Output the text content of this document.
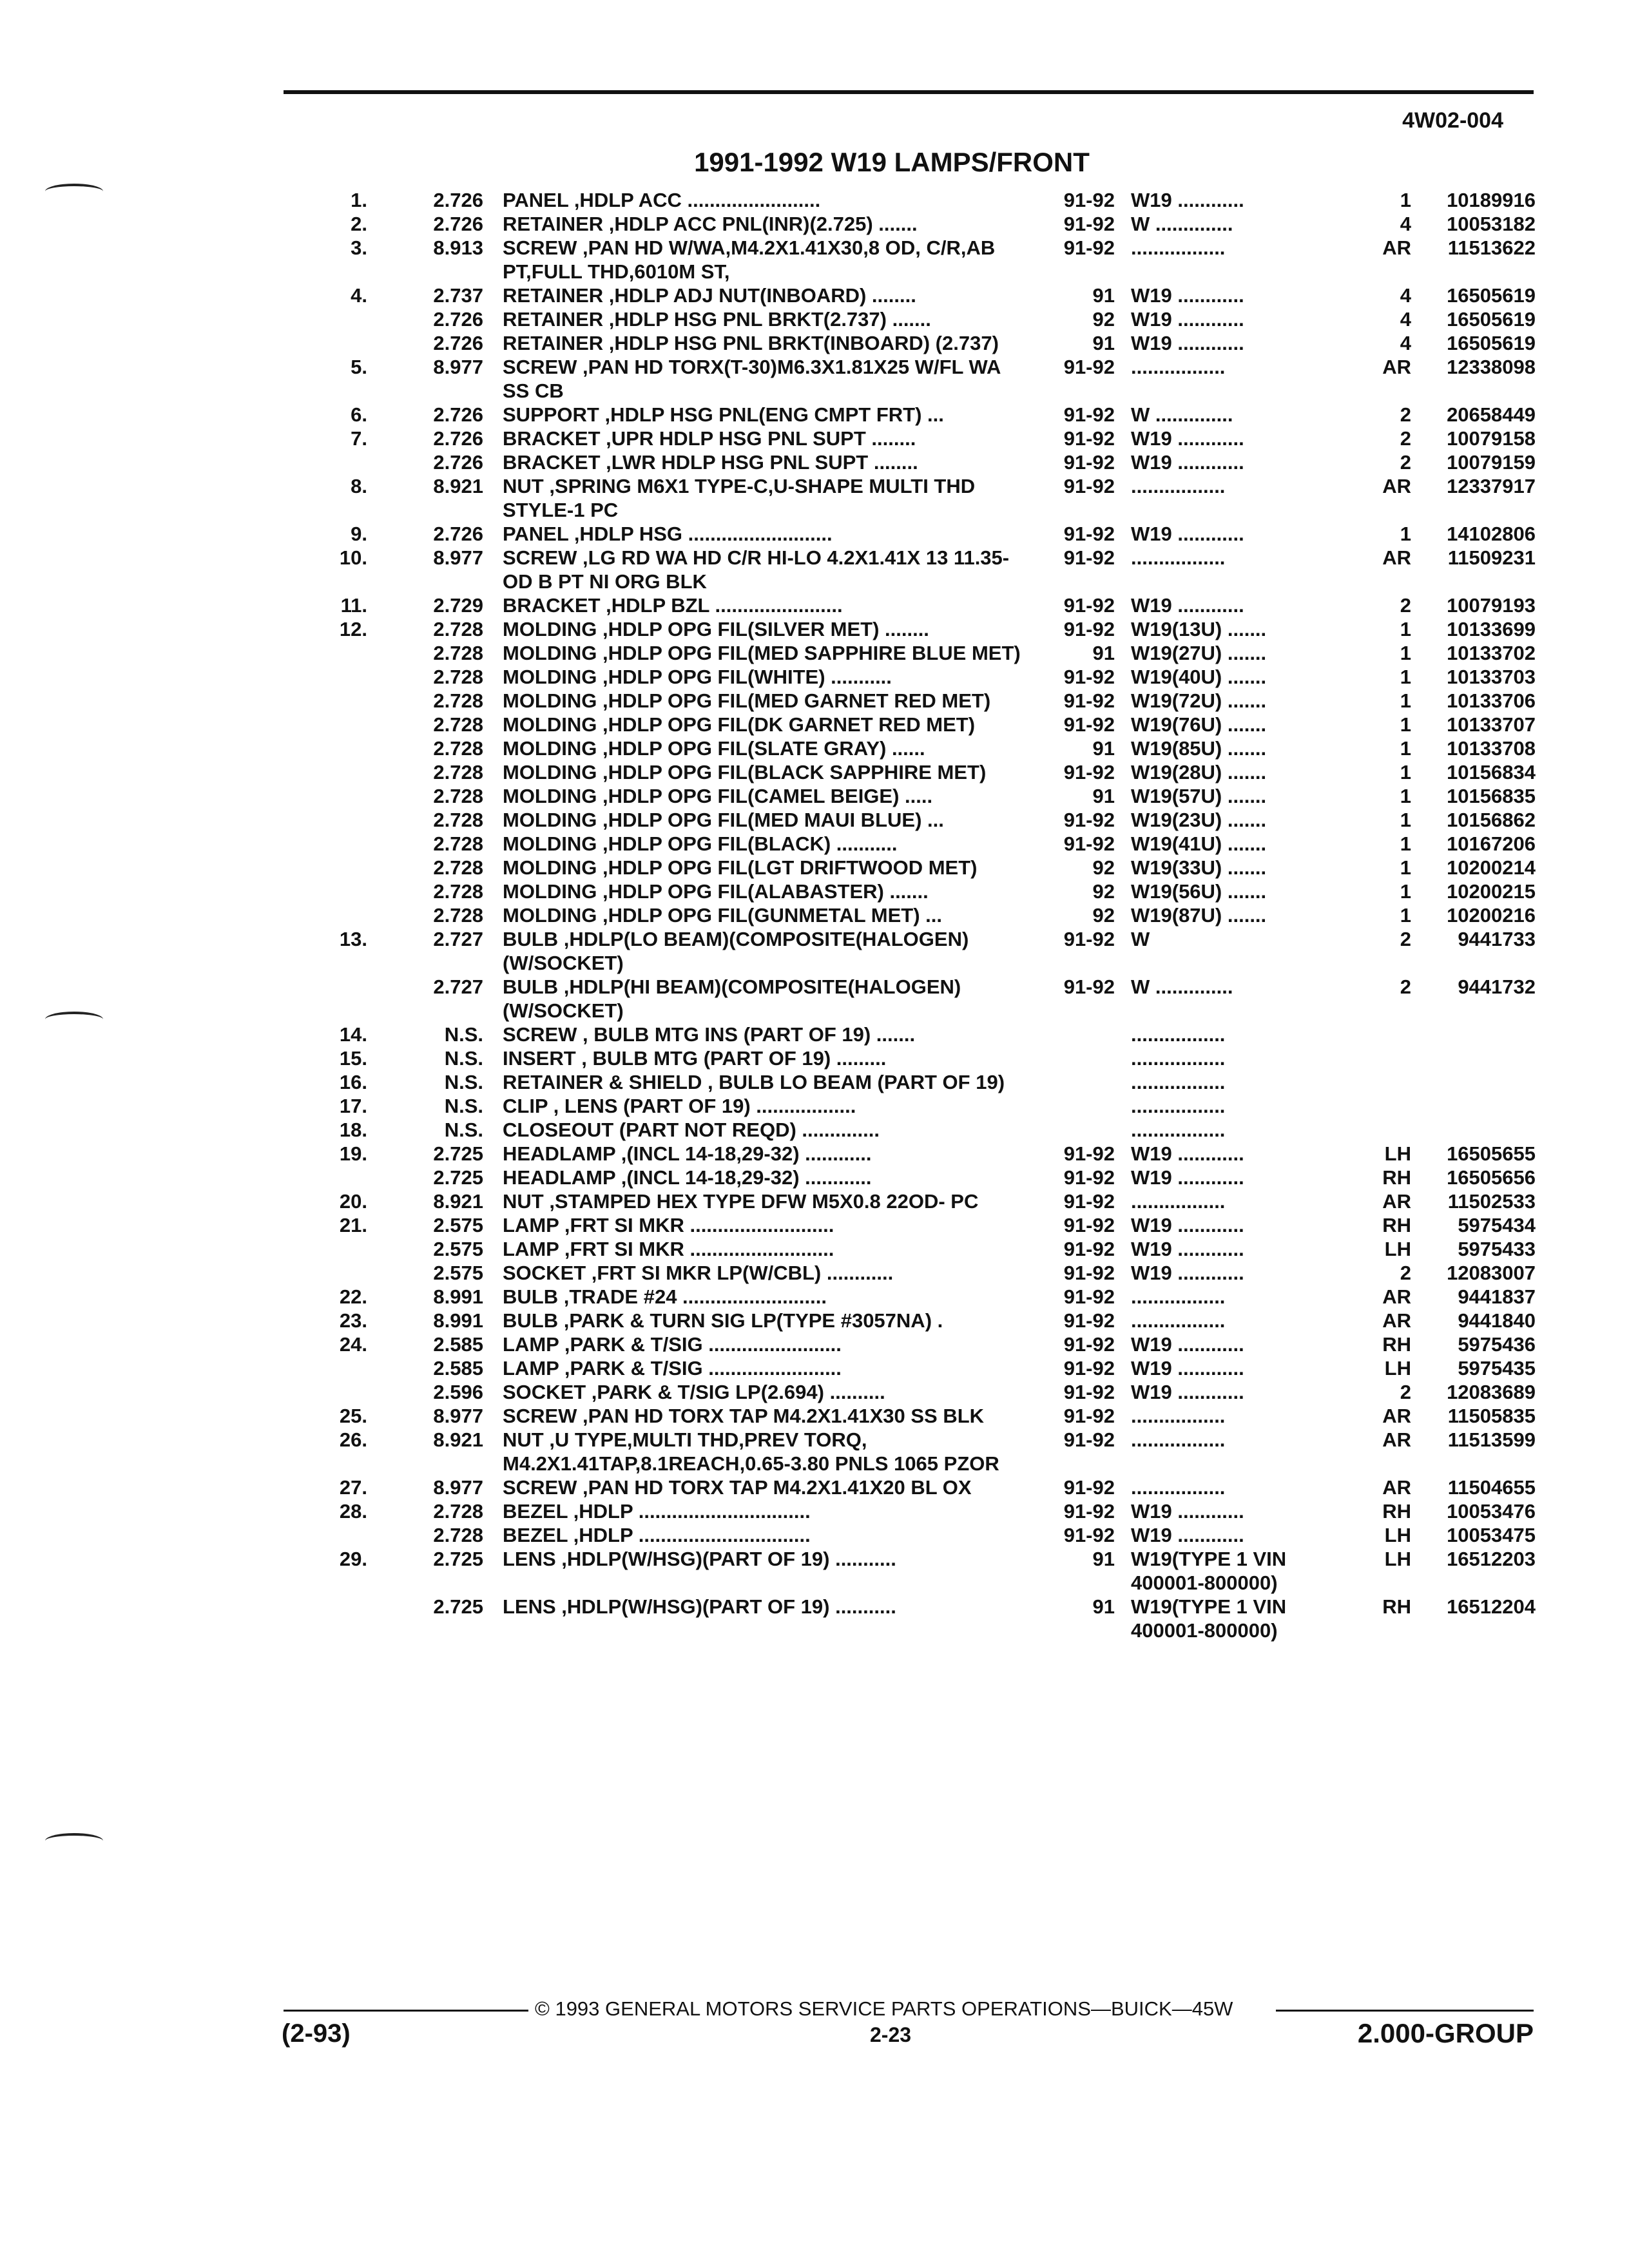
4W02-004
1991-1992 W19 LAMPS/FRONT
1.	2.726 PANEL ,HDLP ACC ........................	91-92 W19 ............	1	10189916
2.	2.726 RETAINER ,HDLP ACC PNL(INR)(2.725) .......	91-92 W ..............	4	10053182
3.	8.913 SCREW ,PAN HD W/WA,M4.2X1.41X30,8 OD, C/R,AB PT,FULL THD,6010M ST,
91-92 .................	AR	11513622
4.	2.737 RETAINER ,HDLP ADJ NUT(INBOARD) ........	91 W19 ............	4	16505619
2.726 RETAINER ,HDLP HSG PNL BRKT(2.737) .......	92 W19 ............	4	16505619
2.726 RETAINER ,HDLP HSG PNL BRKT(INBOARD) (2.737)	91 W19 ............	4	16505619
5.	8.977 SCREW ,PAN HD TORX(T-30)M6.3X1.81X25 W/FL WA SS CB
91-92 .................	AR	12338098
6.	2.726 SUPPORT ,HDLP HSG PNL(ENG CMPT FRT) ...	91-92 W ..............	2	20658449
7.	2.726 BRACKET ,UPR HDLP HSG PNL SUPT ........	91-92 W19 ............	2	10079158
2.726 BRACKET ,LWR HDLP HSG PNL SUPT ........	91-92 W19 ............	2	10079159
8.	8.921 NUT ,SPRING M6X1 TYPE-C,U-SHAPE MULTI THD STYLE-1 PC
91-92 .................	AR	12337917
9.	2.726 PANEL ,HDLP HSG ..........................	91-92 W19 ............	1	14102806
10.	8.977 SCREW ,LG RD WA HD C/R HI-LO 4.2X1.41X 13 11.35-OD B PT NI ORG BLK
91-92 .................	AR	11509231
11.	2.729 BRACKET ,HDLP BZL .......................	91-92 W19 ............	2	10079193
12.	2.728 MOLDING ,HDLP OPG FIL(SILVER MET) ........	91-92 W19(13U) .......	1	10133699
2.728 MOLDING ,HDLP OPG FIL(MED SAPPHIRE BLUE MET)	91 W19(27U) .......	1	10133702
2.728 MOLDING ,HDLP OPG FIL(WHITE) ...........	91-92 W19(40U) .......	1	10133703
2.728 MOLDING ,HDLP OPG FIL(MED GARNET RED MET)	91-92 W19(72U) .......	1	10133706
2.728 MOLDING ,HDLP OPG FIL(DK GARNET RED MET)	91-92 W19(76U) .......	1	10133707
2.728 MOLDING ,HDLP OPG FIL(SLATE GRAY) ......	91 W19(85U) .......	1	10133708
2.728 MOLDING ,HDLP OPG FIL(BLACK SAPPHIRE MET)	91-92 W19(28U) .......	1	10156834
2.728 MOLDING ,HDLP OPG FIL(CAMEL BEIGE) .....	91 W19(57U) .......	1	10156835
2.728 MOLDING ,HDLP OPG FIL(MED MAUI BLUE) ...	91-92 W19(23U) .......	1	10156862
2.728 MOLDING ,HDLP OPG FIL(BLACK) ...........	91-92 W19(41U) .......	1	10167206
2.728 MOLDING ,HDLP OPG FIL(LGT DRIFTWOOD MET)	92 W19(33U) .......	1	10200214
2.728 MOLDING ,HDLP OPG FIL(ALABASTER) .......	92 W19(56U) .......	1	10200215
2.728 MOLDING ,HDLP OPG FIL(GUNMETAL MET) ...	92 W19(87U) .......	1	10200216
13.	2.727 BULB ,HDLP(LO BEAM)(COMPOSITE(HALOGEN) (W/SOCKET)
91-92 W	2	9441733
2.727 BULB ,HDLP(HI BEAM)(COMPOSITE(HALOGEN) (W/SOCKET)
91-92 W ..............	2	9441732
14.	N.S. SCREW , BULB MTG INS (PART OF 19) .......	.................
15.	N.S. INSERT , BULB MTG (PART OF 19) .........	.................
16.	N.S. RETAINER & SHIELD , BULB LO BEAM (PART OF 19)	.................
17.	N.S. CLIP , LENS (PART OF 19) ..................	.................
18.	N.S. CLOSEOUT (PART NOT REQD) ..............	.................
19.	2.725 HEADLAMP ,(INCL 14-18,29-32) ............	91-92 W19 ............	LH	16505655
2.725 HEADLAMP ,(INCL 14-18,29-32) ............	91-92 W19 ............	RH	16505656
20.	8.921 NUT ,STAMPED HEX TYPE DFW M5X0.8 22OD- PC	91-92 .................	AR	11502533
21.	2.575 LAMP ,FRT SI MKR ..........................	91-92 W19 ............	RH	5975434
2.575 LAMP ,FRT SI MKR ..........................	91-92 W19 ............	LH	5975433
2.575 SOCKET ,FRT SI MKR LP(W/CBL) ............	91-92 W19 ............	2	12083007
22.	8.991 BULB ,TRADE #24 ..........................	91-92 .................	AR	9441837
23.	8.991 BULB ,PARK & TURN SIG LP(TYPE #3057NA) .	91-92 .................	AR	9441840
24.	2.585 LAMP ,PARK & T/SIG ........................	91-92 W19 ............	RH	5975436
2.585 LAMP ,PARK & T/SIG ........................	91-92 W19 ............	LH	5975435
2.596 SOCKET ,PARK & T/SIG LP(2.694) ..........	91-92 W19 ............	2	12083689
25.	8.977 SCREW ,PAN HD TORX TAP M4.2X1.41X30 SS BLK	91-92 .................	AR	11505835
26.	8.921 NUT ,U TYPE,MULTI THD,PREV TORQ, M4.2X1.41TAP,8.1REACH,0.65-3.80 PNLS 1065 PZOR
91-92 .................	AR	11513599
27.	8.977 SCREW ,PAN HD TORX TAP M4.2X1.41X20 BL OX	91-92 .................	AR	11504655
28.	2.728 BEZEL ,HDLP ...............................	91-92 W19 ............	RH	10053476
2.728 BEZEL ,HDLP ...............................	91-92 W19 ............	LH	10053475
29.	2.725 LENS ,HDLP(W/HSG)(PART OF 19) ...........	91 W19(TYPE 1 VIN 400001-800000)
LH	16512203
2.725 LENS ,HDLP(W/HSG)(PART OF 19) ...........	91 W19(TYPE 1 VIN 400001-800000)
RH	16512204
© 1993 GENERAL MOTORS SERVICE PARTS OPERATIONS—BUICK—45W
2-23
(2-93)	2.000-GROUP
